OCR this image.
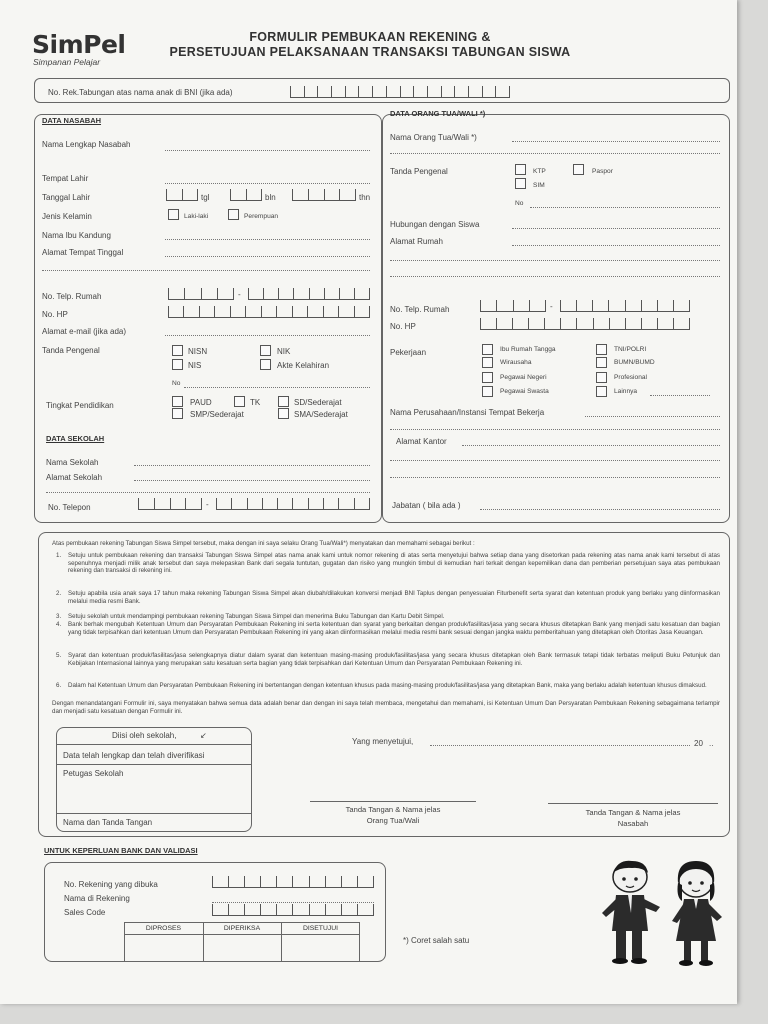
SimPel
Simpanan Pelajar
FORMULIR PEMBUKAAN REKENING &
PERSETUJUAN PELAKSANAAN TRANSAKSI TABUNGAN SISWA
No. Rek.Tabungan atas nama anak di BNI (jika ada)
DATA NASABAH
Nama Lengkap Nasabah
Tempat Lahir
Tanggal Lahir	tgl	bln	thn
Jenis Kelamin	Laki-laki	Perempuan
Nama Ibu Kandung
Alamat Tempat Tinggal
No. Telp. Rumah	-
No. HP
Alamat e-mail (jika ada)
Tanda Pengenal	NISN	NIK
NIS	Akte Kelahiran
No
Tingkat Pendidikan	PAUD	TK	SD/Sederajat
SMP/Sederajat	SMA/Sederajat
DATA SEKOLAH
Nama Sekolah
Alamat Sekolah
No. Telepon	-
DATA ORANG TUA/WALI *)
Nama Orang Tua/Wali *)
Tanda Pengenal	KTP	Paspor
SIM
No
Hubungan dengan Siswa
Alamat Rumah
No. Telp. Rumah	-
No. HP
Pekerjaan	Ibu Rumah Tangga	TNI/POLRI
Wirausaha	BUMN/BUMD
Pegawai Negeri	Profesional
Pegawai Swasta	Lainnya
Nama Perusahaan/Instansi Tempat Bekerja
Alamat Kantor
Jabatan ( bila ada )
Atas pembukaan rekening Tabungan Siswa Simpel tersebut, maka dengan ini saya selaku Orang Tua/Wali*) menyatakan dan memahami sebagai berikut :
1. Setuju untuk pembukaan rekening dan transaksi Tabungan Siswa Simpel atas nama anak kami untuk nomor rekening di atas serta menyetujui bahwa setiap dana yang disetorkan pada rekening atas nama anak kami tersebut di atas sepenuhnya menjadi milik anak tersebut dan saya melepaskan Bank dari segala tuntutan, gugatan dan risiko yang mungkin timbul di kemudian hari terkait dengan kepemilikan dana dan pemberian persetujuan saya atas pembukaan rekening dan transaksi di rekening ini.
2. Setuju apabila usia anak saya 17 tahun maka rekening Tabungan Siswa Simpel akan diubah/dilakukan konversi menjadi BNI Taplus dengan penyesuaian Fiturbenefit serta syarat dan ketentuan produk yang berlaku yang diinformasikan melalui media resmi Bank.
3. Setuju sekolah untuk mendampingi pembukaan rekening Tabungan Siswa Simpel dan menerima Buku Tabungan dan Kartu Debit Simpel.
4. Bank berhak mengubah Ketentuan Umum dan Persyaratan Pembukaan Rekening ini serta ketentuan dan syarat yang berkaitan dengan produk/fasilitas/jasa yang secara khusus ditetapkan Bank yang menjadi satu kesatuan dan bagian yang tidak terpisahkan dari ketentuan Umum dan Persyaratan Pembukaan Rekening ini yang akan diinformasikan melalui media resmi bank sesuai dengan jangka waktu pemberitahuan yang ditetapkan oleh Otoritas Jasa Keuangan.
5. Syarat dan ketentuan produk/fasilitas/jasa selengkapnya diatur dalam syarat dan ketentuan masing-masing produk/fasilitas/jasa yang secara khusus ditetapkan oleh Bank termasuk tetapi tidak terbatas meliputi Buku Petunjuk dan Kebijakan Internasional lainnya yang merupakan satu kesatuan serta bagian yang tidak terpisahkan dari Ketentuan Umum dan Persyaratan Pembukaan Rekening ini.
6. Dalam hal Ketentuan Umum dan Persyaratan Pembukaan Rekening ini bertentangan dengan ketentuan khusus pada masing-masing produk/fasilitas/jasa yang ditetapkan Bank, maka yang berlaku adalah ketentuan khusus dimaksud.
Dengan menandatangani Formulir ini, saya menyatakan bahwa semua data adalah benar dan dengan ini saya telah membaca, mengetahui dan memahami, isi Ketentuan Umum Dan Persyaratan Pembukaan Rekening sebagaimana terlampir dan menjadi satu kesatuan dengan Formulir ini.
Diisi oleh sekolah,	↙
Data telah lengkap dan telah diverifikasi
Petugas Sekolah
Nama dan Tanda Tangan
Yang menyetujui,	20 ..
Tanda Tangan & Nama jelas
Orang Tua/Wali
Tanda Tangan & Nama jelas
Nasabah
UNTUK KEPERLUAN BANK DAN VALIDASI
No. Rekening yang dibuka
Nama di Rekening
Sales Code
DIPROSES	DIPERIKSA	DISETUJUI
*) Coret salah satu
